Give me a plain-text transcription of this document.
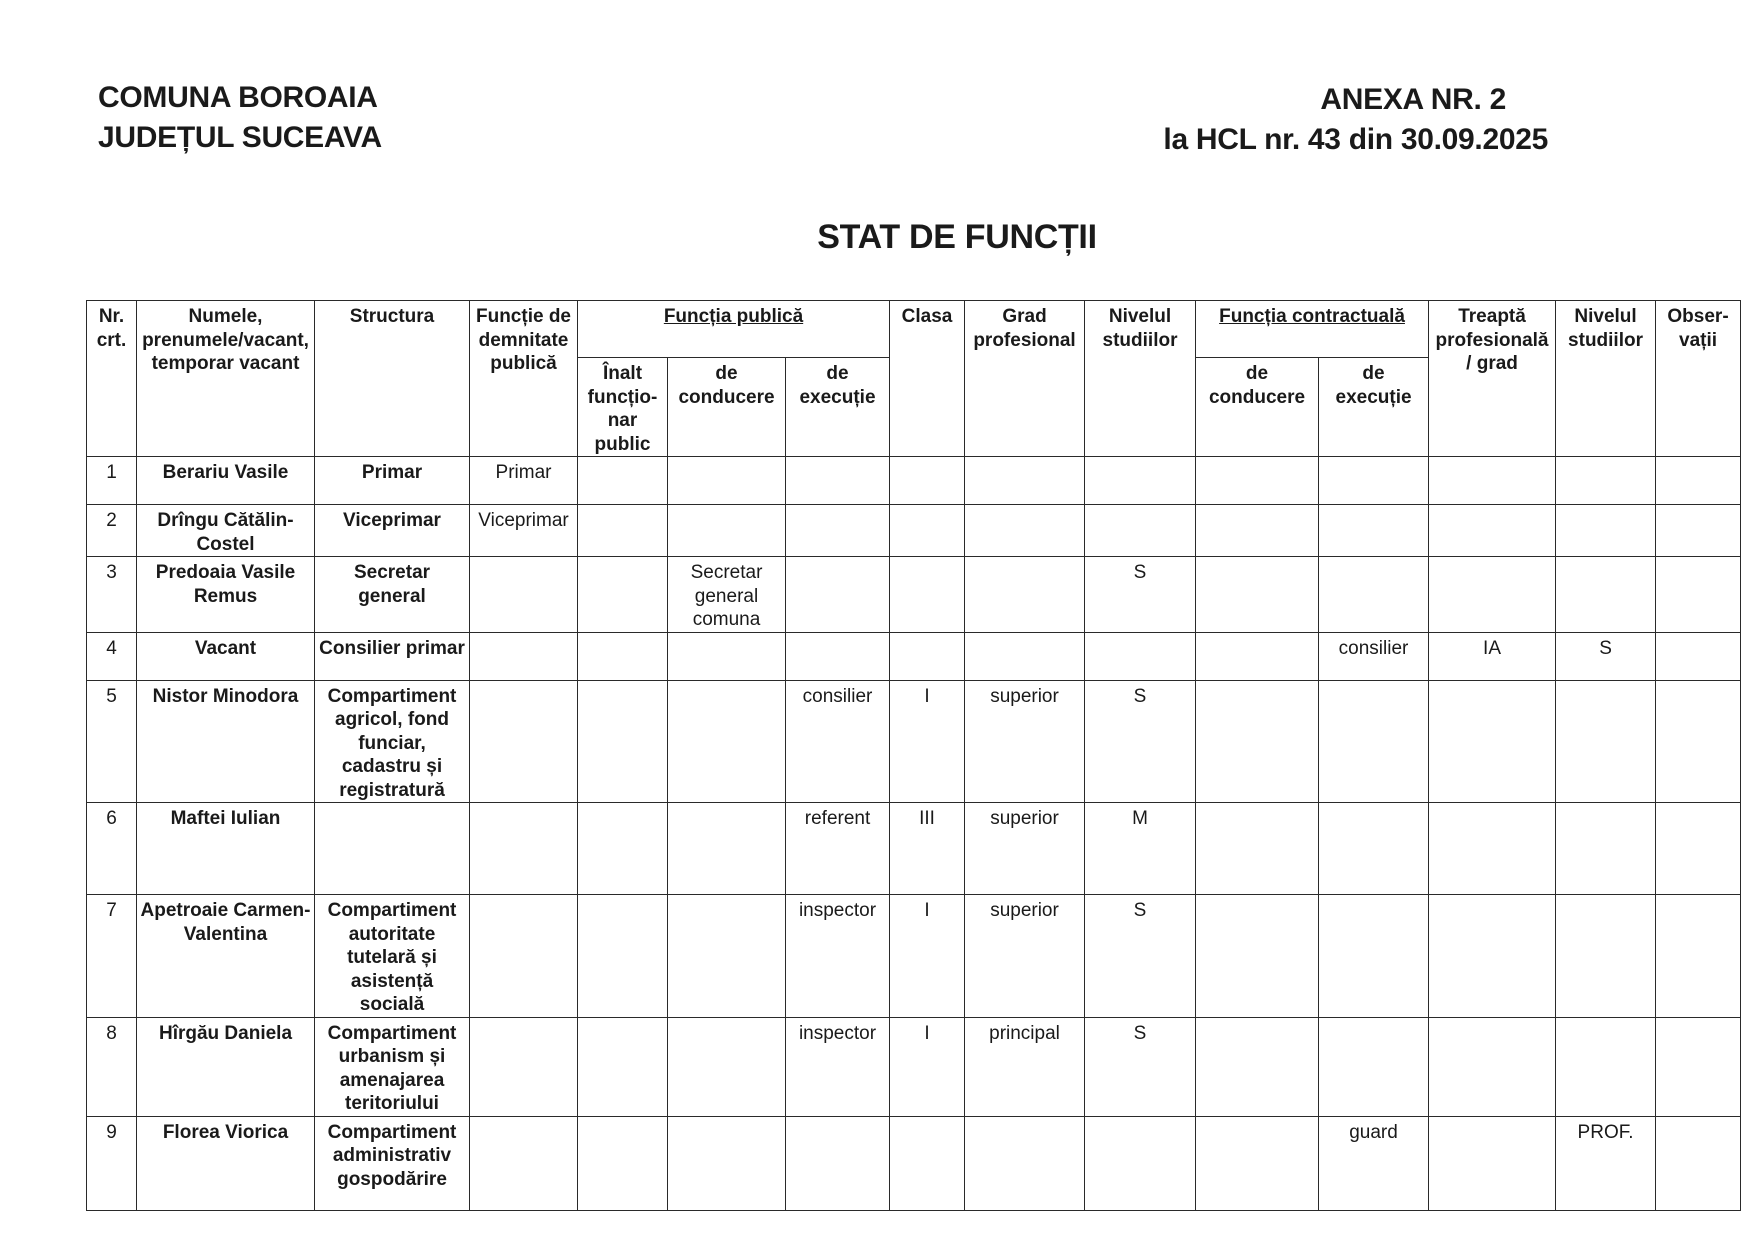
COMUNA BOROAIA
JUDEȚUL SUCEAVA
ANEXA NR. 2
la HCL nr. 43 din 30.09.2025
STAT DE FUNCȚII
Nr. crt.	Numele, prenumele/vacant, temporar vacant	Structura	Funcție de demnitate publică	Funcția publică			Clasa	Grad profesional	Nivelul studiilor	Funcția contractuală		Treaptă profesională / grad	Nivelul studiilor	Obser-vații
				Înalt funcțio-nar public	de conducere	de execuție				de conducere	de execuție			
1	Berariu Vasile	Primar	Primar											
2	Drîngu Cătălin-Costel	Viceprimar	Viceprimar											
3	Predoaia Vasile Remus	Secretar general			Secretar general comuna				S					
4	Vacant	Consilier primar									consilier	IA	S	
5	Nistor Minodora	Compartiment agricol, fond funciar, cadastru și registratură				consilier	I	superior	S					
6	Maftei Iulian					referent	III	superior	M					
7	Apetroaie Carmen-Valentina	Compartiment autoritate tutelară și asistență socială				inspector	I	superior	S					
8	Hîrgău Daniela	Compartiment urbanism și amenajarea teritoriului				inspector	I	principal	S					
9	Florea Viorica	Compartiment administrativ gospodărire									guard		PROF.	
